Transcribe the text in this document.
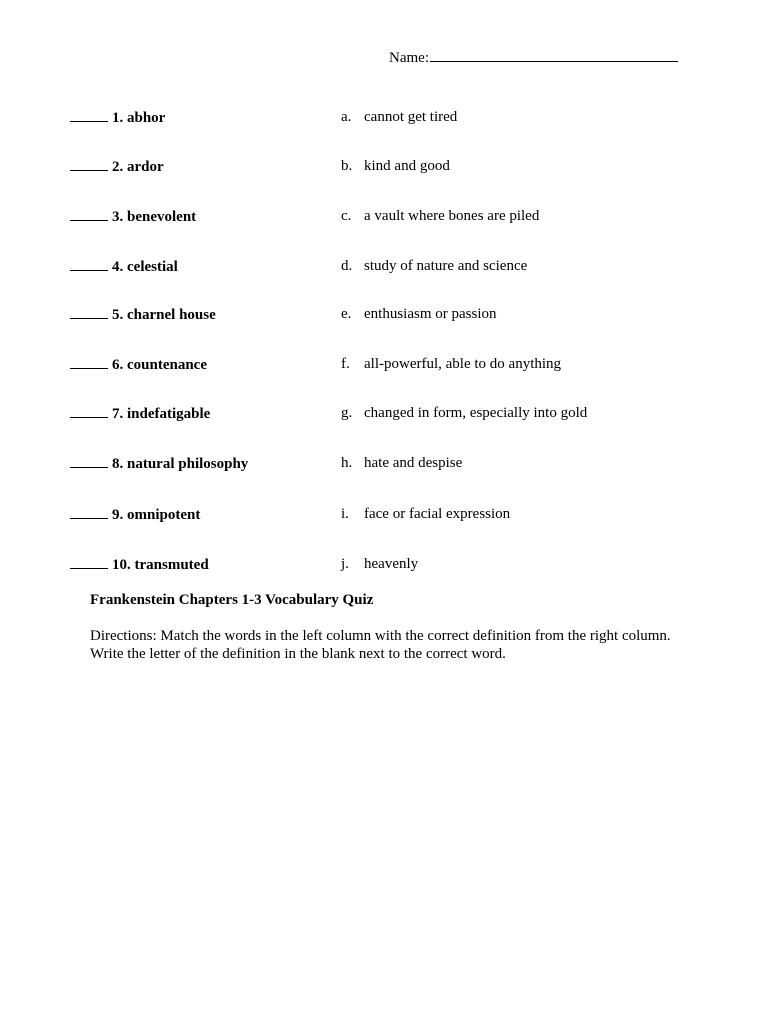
Name:
1. abhor	a. cannot get tired
2. ardor	b. kind and good
3. benevolent	c. a vault where bones are piled
4. celestial	d. study of nature and science
5. charnel house	e. enthusiasm or passion
6. countenance	f. all-powerful, able to do anything
7. indefatigable	g. changed in form, especially into gold
8. natural philosophy	h. hate and despise
9. omnipotent	i. face or facial expression
10. transmuted	j. heavenly
Frankenstein Chapters 1-3 Vocabulary Quiz
Directions: Match the words in the left column with the correct definition from the right column. Write the letter of the definition in the blank next to the correct word.
